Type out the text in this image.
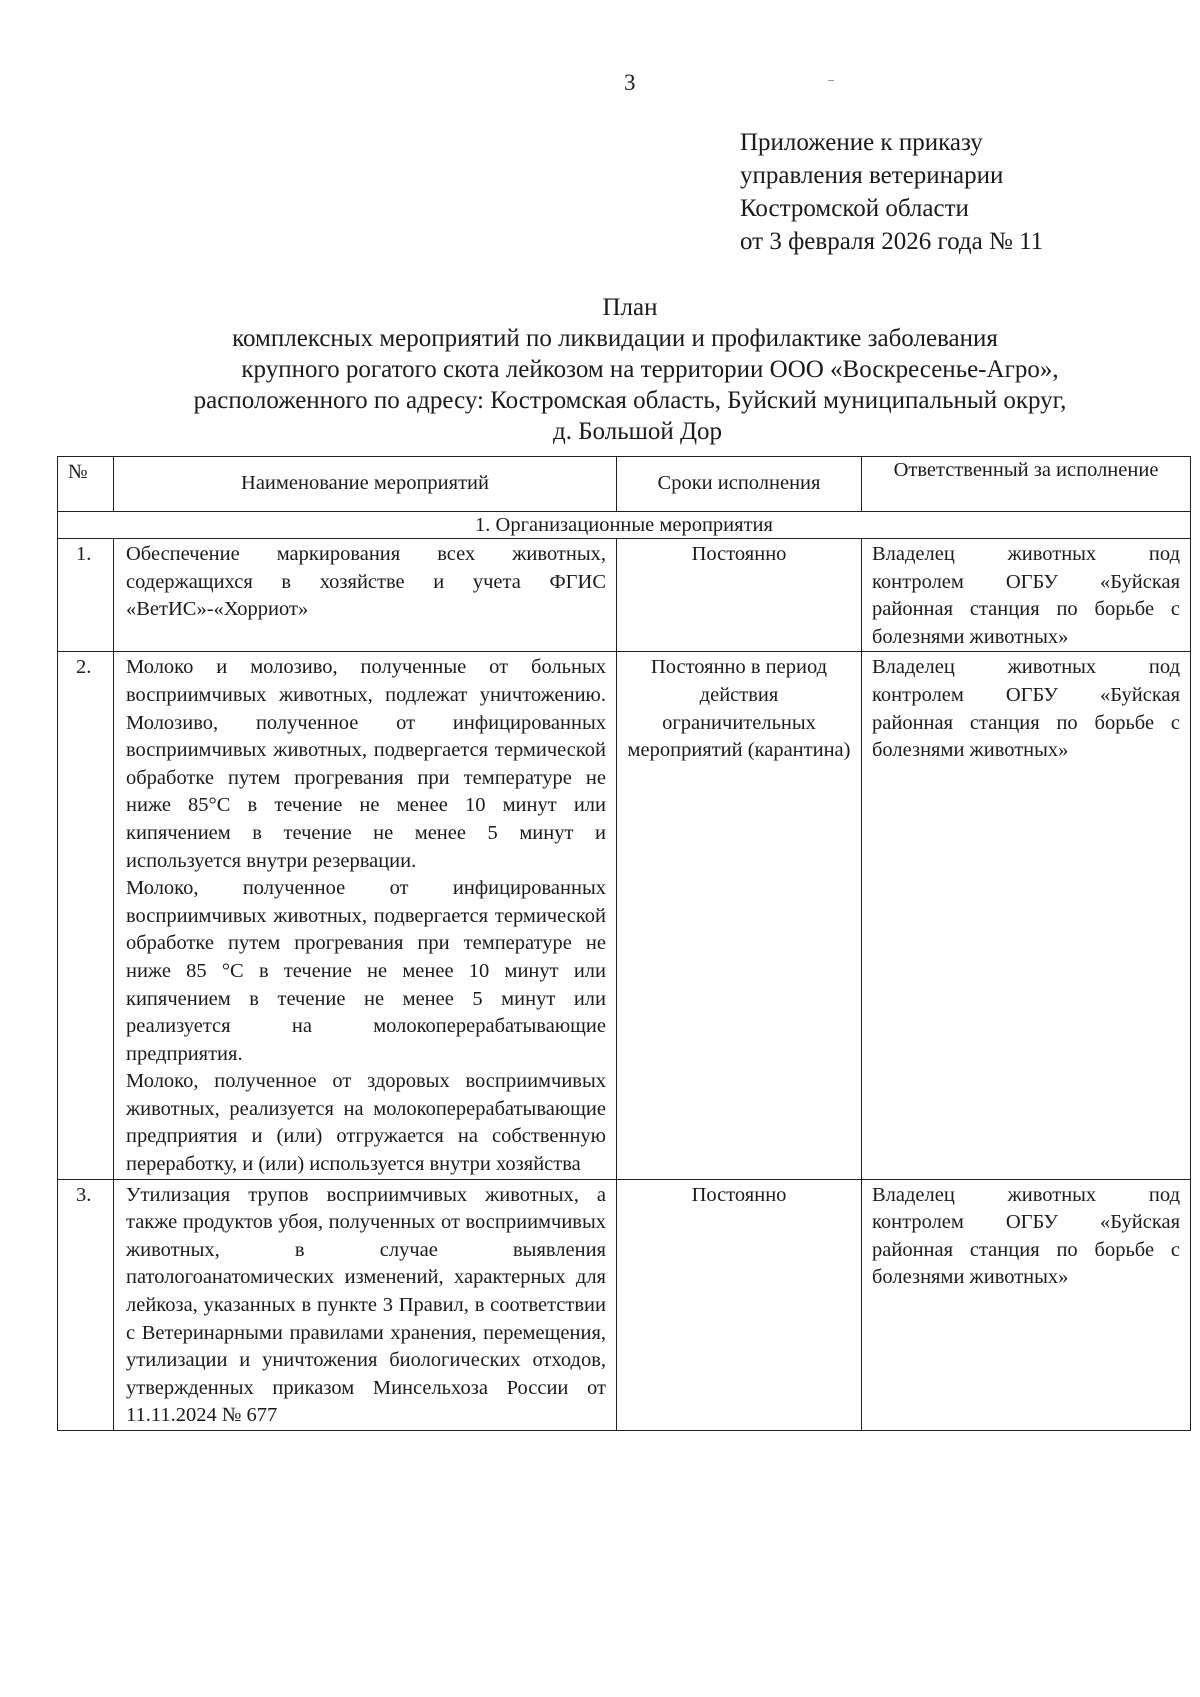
3
Приложение к приказу
управления ветеринарии
Костромской области
от 3 февраля 2026 года № 11
План
комплексных мероприятий по ликвидации и профилактике заболевания
крупного рогатого скота лейкозом на территории ООО «Воскресенье-Агро»,
расположенного по адресу: Костромская область, Буйский муниципальный округ,
д. Большой Дор
№	Наименование мероприятий	Сроки исполнения	Ответственный за исполнение
1. Организационные мероприятия			
1.	Обеспечение маркирования всех животных, содержащихся в хозяйстве и учета ФГИС «ВетИС»-«Хорриот»	Постоянно	Владелец животных под контролем ОГБУ «Буйская районная станция по борьбе с болезнями животных»

2.	Молоко и молозиво, полученные от больных восприимчивых животных, подлежат уничтожению. Молозиво, полученное от инфицированных восприимчивых животных, подвергается термической обработке путем прогревания при температуре не ниже 85°С в течение не менее 10 минут или кипячением в течение не менее 5 минут и используется внутри резервации.

Молоко, полученное от инфицированных восприимчивых животных, подвергается термической обработке путем прогревания при температуре не ниже 85 °С в течение не менее 10 минут или кипячением в течение не менее 5 минут или реализуется на молокоперерабатывающие предприятия.

Молоко, полученное от здоровых восприимчивых животных, реализуется на молокоперерабатывающие предприятия и (или) отгружается на собственную переработку, и (или) используется внутри хозяйства	Постоянно в период действия ограничительных мероприятий (карантина)	Владелец животных под контролем ОГБУ «Буйская районная станция по борьбе с болезнями животных»

3.	Утилизация трупов восприимчивых животных, а также продуктов убоя, полученных от восприимчивых животных, в случае выявления патологоанатомических изменений, характерных для лейкоза, указанных в пункте 3 Правил, в соответствии с Ветеринарными правилами хранения, перемещения, утилизации и уничтожения биологических отходов, утвержденных приказом Минсельхоза России от 11.11.2024 № 677	Постоянно	Владелец животных под контролем ОГБУ «Буйская районная станция по борьбе с болезнями животных»
